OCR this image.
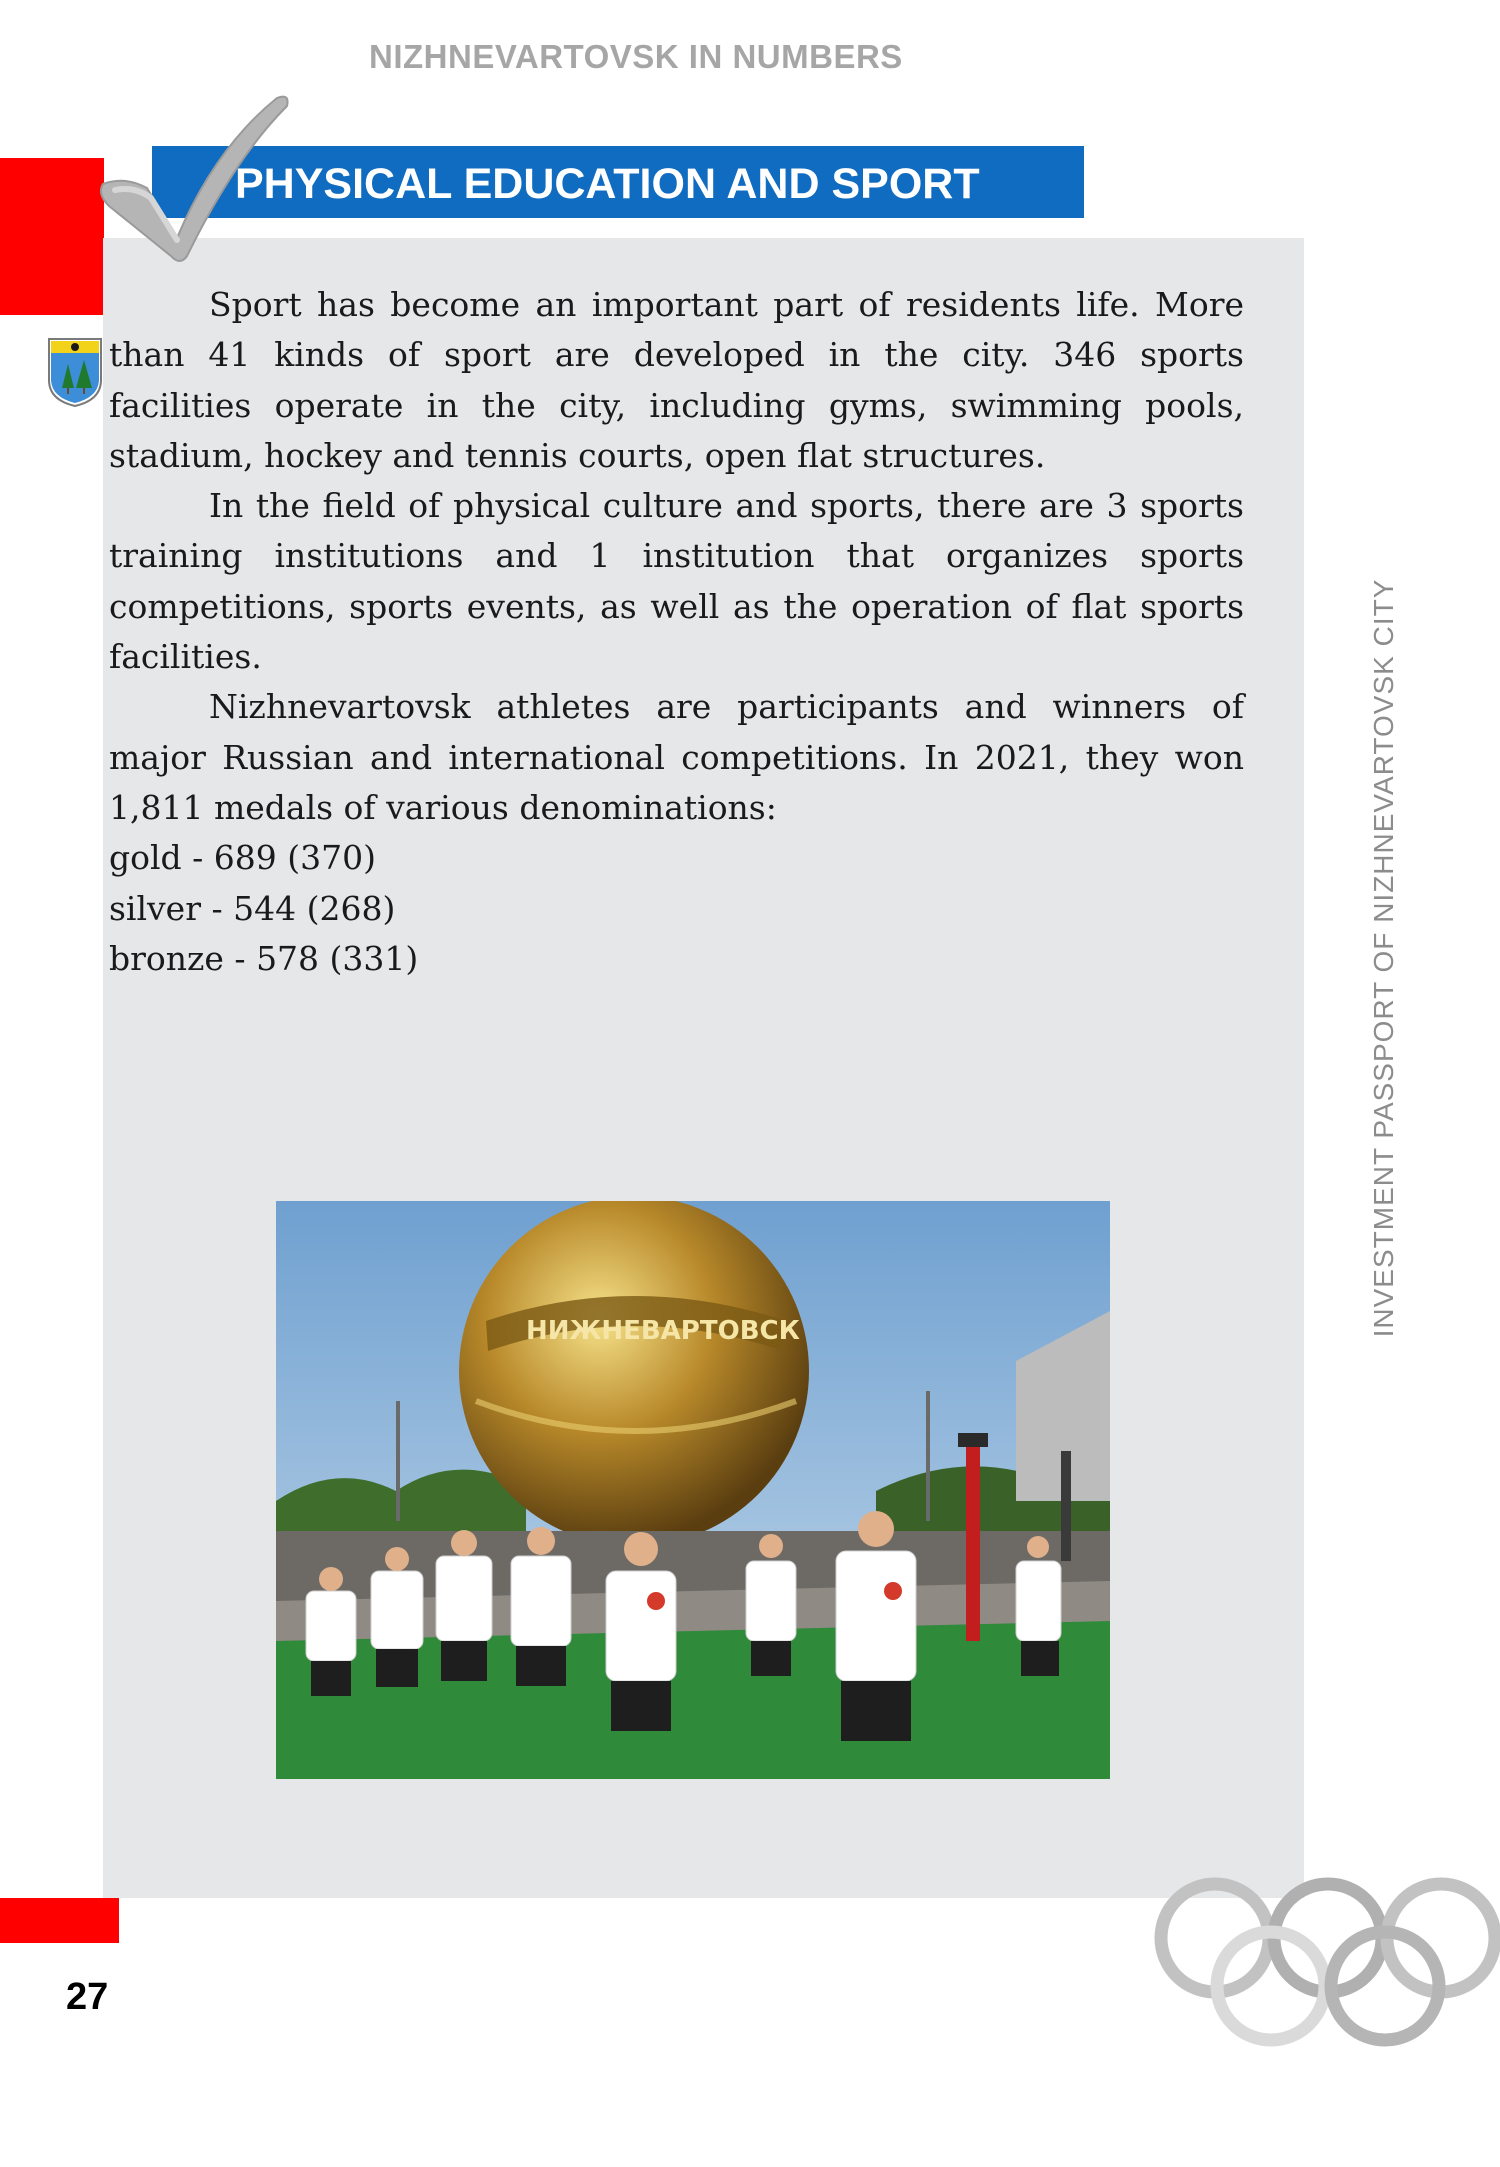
NIZHNEVARTOVSK IN NUMBERS
PHYSICAL EDUCATION AND SPORT

Sport has become an important part of residents life. More than 41 kinds of sport are developed in the city. 346 sports facilities operate in the city, including gyms, swimming pools, stadium, hockey and tennis courts, open flat structures.

In the field of physical culture and sports, there are 3 sports training institutions and 1 institution that organizes sports competitions, sports events, as well as the operation of flat sports facilities.

Nizhnevartovsk athletes are participants and winners of major Russian and international competitions. In 2021, they won 1,811 medals of various denominations:

gold - 689 (370)

silver - 544 (268)

bronze - 578 (331)	INVESTMENT PASSPORT OF NIZHNEVARTOVSK CITY
НИЖНЕВАРТОВСК
27
